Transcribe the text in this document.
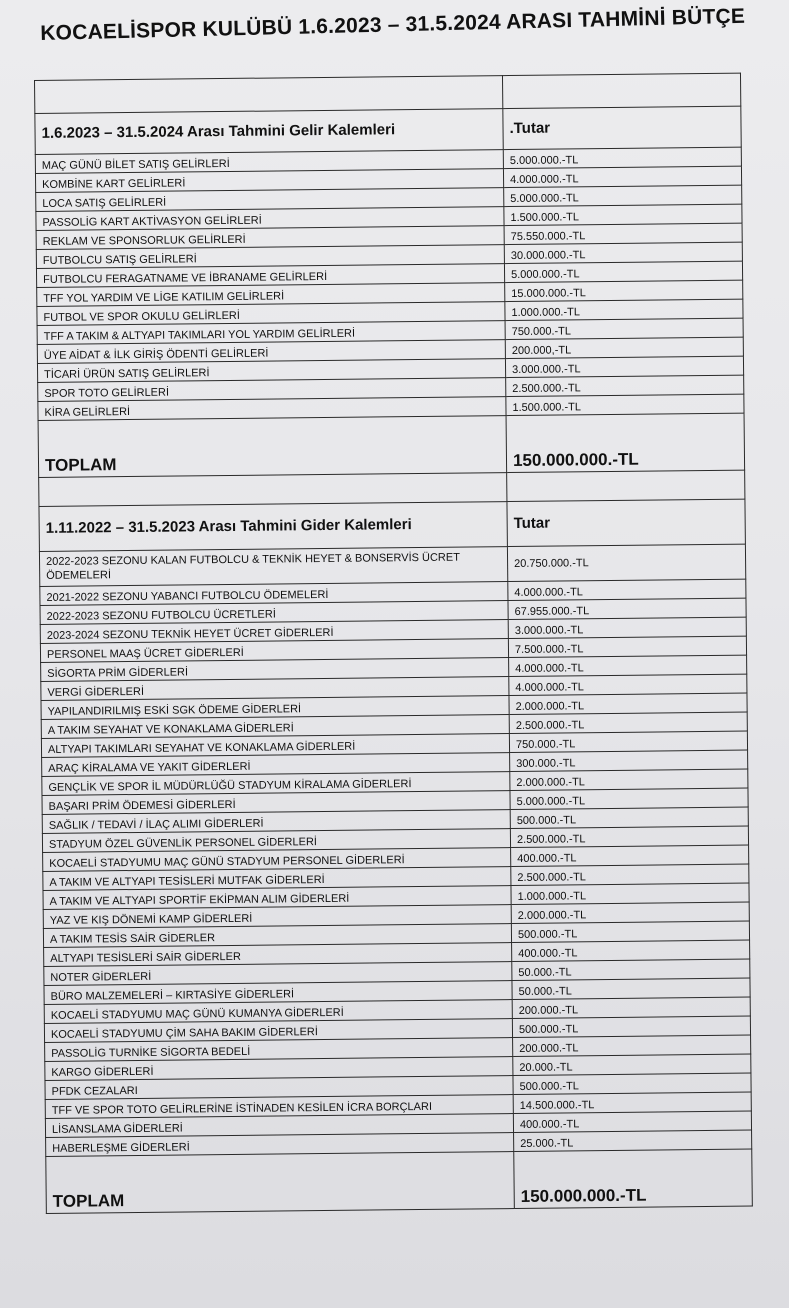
KOCAELİSPOR KULÜBÜ 1.6.2023 – 31.5.2024 ARASI TAHMİNİ BÜTÇE

1.6.2023 – 31.5.2024 Arası Tahmini Gelir Kalemleri	.Tutar
MAÇ GÜNÜ BİLET SATIŞ GELİRLERİ	5.000.000.-TL
KOMBİNE KART GELİRLERİ	4.000.000.-TL
LOCA SATIŞ GELİRLERİ	5.000.000.-TL
PASSOLİG KART AKTİVASYON GELİRLERİ	1.500.000.-TL
REKLAM VE SPONSORLUK GELİRLERİ	75.550.000.-TL
FUTBOLCU SATIŞ GELİRLERİ	30.000.000.-TL
FUTBOLCU FERAGATNAME VE İBRANAME GELİRLERİ	5.000.000.-TL
TFF YOL YARDIM VE LİGE KATILIM GELİRLERİ	15.000.000.-TL
FUTBOL VE SPOR OKULU GELİRLERİ	1.000.000.-TL
TFF A TAKIM & ALTYAPI TAKIMLARI YOL YARDIM GELİRLERİ	750.000.-TL
ÜYE AİDAT & İLK GİRİŞ ÖDENTİ GELİRLERİ	200.000,-TL
TİCARİ ÜRÜN SATIŞ GELİRLERİ	3.000.000.-TL
SPOR TOTO GELİRLERİ	2.500.000.-TL
KİRA GELİRLERİ	1.500.000.-TL
TOPLAM	150.000.000.-TL

1.11.2022 – 31.5.2023 Arası Tahmini Gider Kalemleri	Tutar
2022-2023 SEZONU KALAN FUTBOLCU & TEKNİK HEYET & BONSERVİS ÜCRET ÖDEMELERİ	20.750.000.-TL
2021-2022 SEZONU YABANCI FUTBOLCU ÖDEMELERİ	4.000.000.-TL
2022-2023 SEZONU FUTBOLCU ÜCRETLERİ	67.955.000.-TL
2023-2024 SEZONU TEKNİK HEYET ÜCRET GİDERLERİ	3.000.000.-TL
PERSONEL MAAŞ ÜCRET GİDERLERİ	7.500.000.-TL
SİGORTA PRİM GİDERLERİ	4.000.000.-TL
VERGİ GİDERLERİ	4.000.000.-TL
YAPILANDIRILMIŞ ESKİ SGK ÖDEME GİDERLERİ	2.000.000.-TL
A TAKIM SEYAHAT VE KONAKLAMA GİDERLERİ	2.500.000.-TL
ALTYAPI TAKIMLARI SEYAHAT VE KONAKLAMA GİDERLERİ	750.000.-TL
ARAÇ KİRALAMA VE YAKIT GİDERLERİ	300.000.-TL
GENÇLİK VE SPOR İL MÜDÜRLÜĞÜ STADYUM KİRALAMA GİDERLERİ	2.000.000.-TL
BAŞARI PRİM ÖDEMESİ GİDERLERİ	5.000.000.-TL
SAĞLIK / TEDAVİ / İLAÇ ALIMI GİDERLERİ	500.000.-TL
STADYUM ÖZEL GÜVENLİK PERSONEL GİDERLERİ	2.500.000.-TL
KOCAELİ STADYUMU MAÇ GÜNÜ STADYUM PERSONEL GİDERLERİ	400.000.-TL
A TAKIM VE ALTYAPI TESİSLERİ MUTFAK GİDERLERİ	2.500.000.-TL
A TAKIM VE ALTYAPI SPORTİF EKİPMAN ALIM GİDERLERİ	1.000.000.-TL
YAZ VE KIŞ DÖNEMİ KAMP GİDERLERİ	2.000.000.-TL
A TAKIM TESİS SAİR GİDERLER	500.000.-TL
ALTYAPI TESİSLERİ SAİR GİDERLER	400.000.-TL
NOTER GİDERLERİ	50.000.-TL
BÜRO MALZEMELERİ – KIRTASİYE GİDERLERİ	50.000.-TL
KOCAELİ STADYUMU MAÇ GÜNÜ KUMANYA GİDERLERİ	200.000.-TL
KOCAELİ STADYUMU ÇİM SAHA BAKIM GİDERLERİ	500.000.-TL
PASSOLİG TURNİKE SİGORTA BEDELİ	200.000.-TL
KARGO GİDERLERİ	20.000.-TL
PFDK CEZALARI	500.000.-TL
TFF VE SPOR TOTO GELİRLERİNE İSTİNADEN KESİLEN İCRA BORÇLARI	14.500.000.-TL
LİSANSLAMA GİDERLERİ	400.000.-TL
HABERLEŞME GİDERLERİ	25.000.-TL
TOPLAM	150.000.000.-TL
